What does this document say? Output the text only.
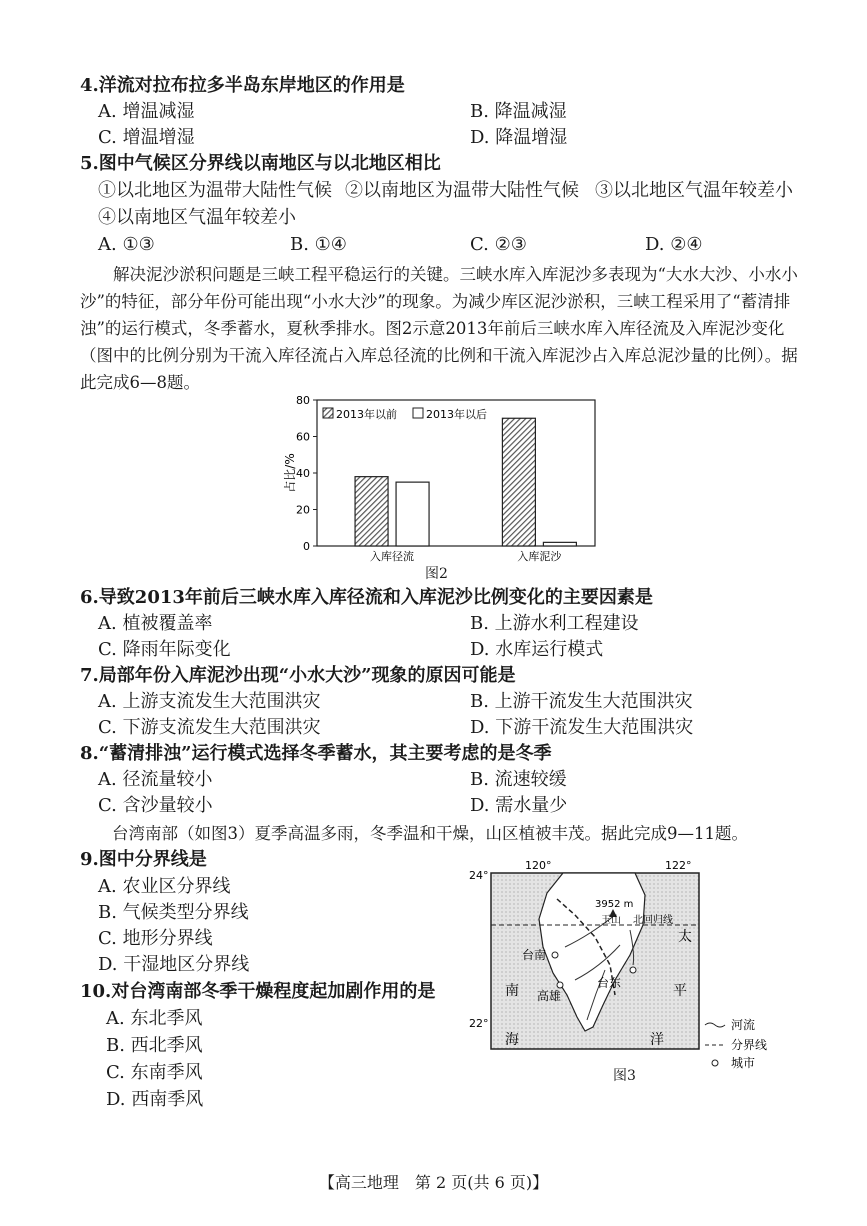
4.洋流对拉布拉多半岛东岸地区的作用是
A. 增温减湿	B. 降温减湿
C. 增温增湿	D. 降温增湿
5.图中气候区分界线以南地区与以北地区相比
①以北地区为温带大陆性气候 ②以南地区为温带大陆性气候 ③以北地区气温年较差小
④以南地区气温年较差小
A. ①③	B. ①④	C. ②③	D. ②④
解决泥沙淤积问题是三峡工程平稳运行的关键。三峡水库入库泥沙多表现为“大水大沙、小水小沙”的特征，部分年份可能出现“小水大沙”的现象。为减少库区泥沙淤积，三峡工程采用了“蓄清排浊”的运行模式，冬季蓄水，夏秋季排水。图2示意2013年前后三峡水库入库径流及入库泥沙变化（图中的比例分别为干流入库径流占入库总径流的比例和干流入库泥沙占入库总泥沙量的比例）。据此完成6—8题。
0
20
40
60
80
占比/%
入库径流	入库泥沙
2013年以前	2013年以后
图2
6.导致2013年前后三峡水库入库径流和入库泥沙比例变化的主要因素是
A. 植被覆盖率	B. 上游水利工程建设
C. 降雨年际变化	D. 水库运行模式
7.局部年份入库泥沙出现“小水大沙”现象的原因可能是
A. 上游支流发生大范围洪灾	B. 上游干流发生大范围洪灾
C. 下游支流发生大范围洪灾	D. 下游干流发生大范围洪灾
8.“蓄清排浊”运行模式选择冬季蓄水，其主要考虑的是冬季
A. 径流量较小	B. 流速较缓
C. 含沙量较小	D. 需水量少
台湾南部（如图3）夏季高温多雨，冬季温和干燥，山区植被丰茂。据此完成9—11题。
9.图中分界线是
A. 农业区分界线
B. 气候类型分界线
C. 地形分界线
D. 干湿地区分界线
10.对台湾南部冬季干燥程度起加剧作用的是
A. 东北季风
B. 西北季风
C. 东南季风
D. 西南季风
120°	122°
24°
22°
3952 m
玉山 北回归线
台南
高雄
台东
太
平
洋
南
海
河流
分界线
城市
图3
【高三地理　第 2 页(共 6 页)】
